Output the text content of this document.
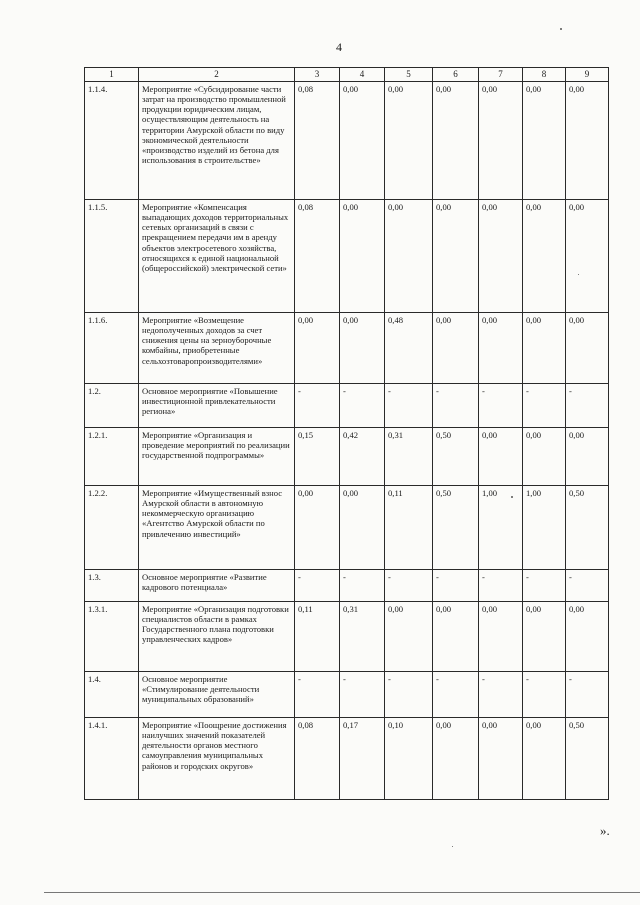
4
1	2	3	4	5	6	7	8	9
1.1.4.	Мероприятие «Субсидирование части затрат на производство промышленной продукции юридическим лицам, осуществляющим деятельность на территории Амурской области по виду экономической деятельности «производство изделий из бетона для использования в строительстве»	0,08	0,00	0,00	0,00	0,00	0,00	0,00
1.1.5.	Мероприятие «Компенсация выпадающих доходов территориальных сетевых организаций в связи с прекращением передачи им в аренду объектов электросетевого хозяйства, относящихся к единой национальной (общероссийской) электрической сети»	0,08	0,00	0,00	0,00	0,00	0,00	0,00
1.1.6.	Мероприятие «Возмещение недополученных доходов за счет снижения цены на зерноуборочные комбайны, приобретенные сельхозтоваропроизводителями»	0,00	0,00	0,48	0,00	0,00	0,00	0,00
1.2.	Основное мероприятие «Повышение инвестиционной привлекательности региона»	-	-	-	-	-	-	-
1.2.1.	Мероприятие «Организация и проведение мероприятий по реализации государственной подпрограммы»	0,15	0,42	0,31	0,50	0,00	0,00	0,00
1.2.2.	Мероприятие «Имущественный взнос Амурской области в автономную некоммерческую организацию «Агентство Амурской области по привлечению инвестиций»	0,00	0,00	0,11	0,50	1,00	1,00	0,50
1.3.	Основное мероприятие «Развитие кадрового потенциала»	-	-	-	-	-	-	-
1.3.1.	Мероприятие «Организация подготовки специалистов области в рамках Государственного плана подготовки управленческих кадров»	0,11	0,31	0,00	0,00	0,00	0,00	0,00
1.4.	Основное мероприятие «Стимулирование деятельности муниципальных образований»	-	-	-	-	-	-	-
1.4.1.	Мероприятие «Поощрение достижения наилучших значений показателей деятельности органов местного самоуправления муниципальных районов и городских округов»	0,08	0,17	0,10	0,00	0,00	0,00	0,50
».
